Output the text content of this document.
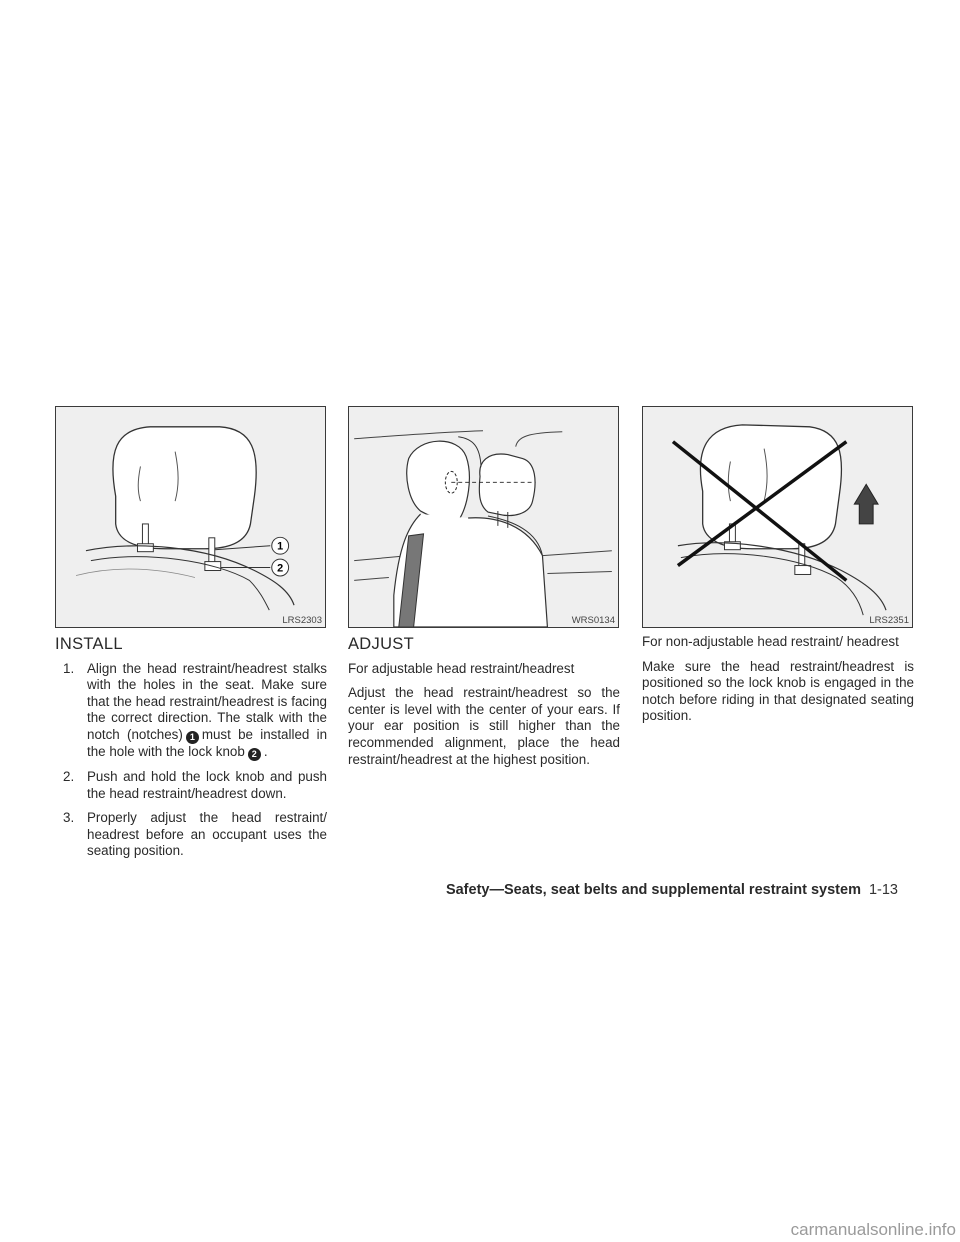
1
2
LRS2303	WRS0134	LRS2351
INSTALL
1. Align the head restraint/headrest stalks with the holes in the seat. Make sure that the head restraint/headrest is facing the correct direction. The stalk with the notch (notches) 1 must be installed in the hole with the lock knob 2 .
2. Push and hold the lock knob and push the head restraint/headrest down.
3. Properly adjust the head restraint/ headrest before an occupant uses the seating position.
ADJUST

For adjustable head restraint/headrest

Adjust the head restraint/headrest so the center is level with the center of your ears. If your ear position is still higher than the recommended alignment, place the head restraint/headrest at the highest position.

For non-adjustable head restraint/ headrest

Make sure the head restraint/headrest is positioned so the lock knob is engaged in the notch before riding in that designated seating position.

Safety—Seats, seat belts and supplemental restraint system 1-13
carmanualsonline.info
